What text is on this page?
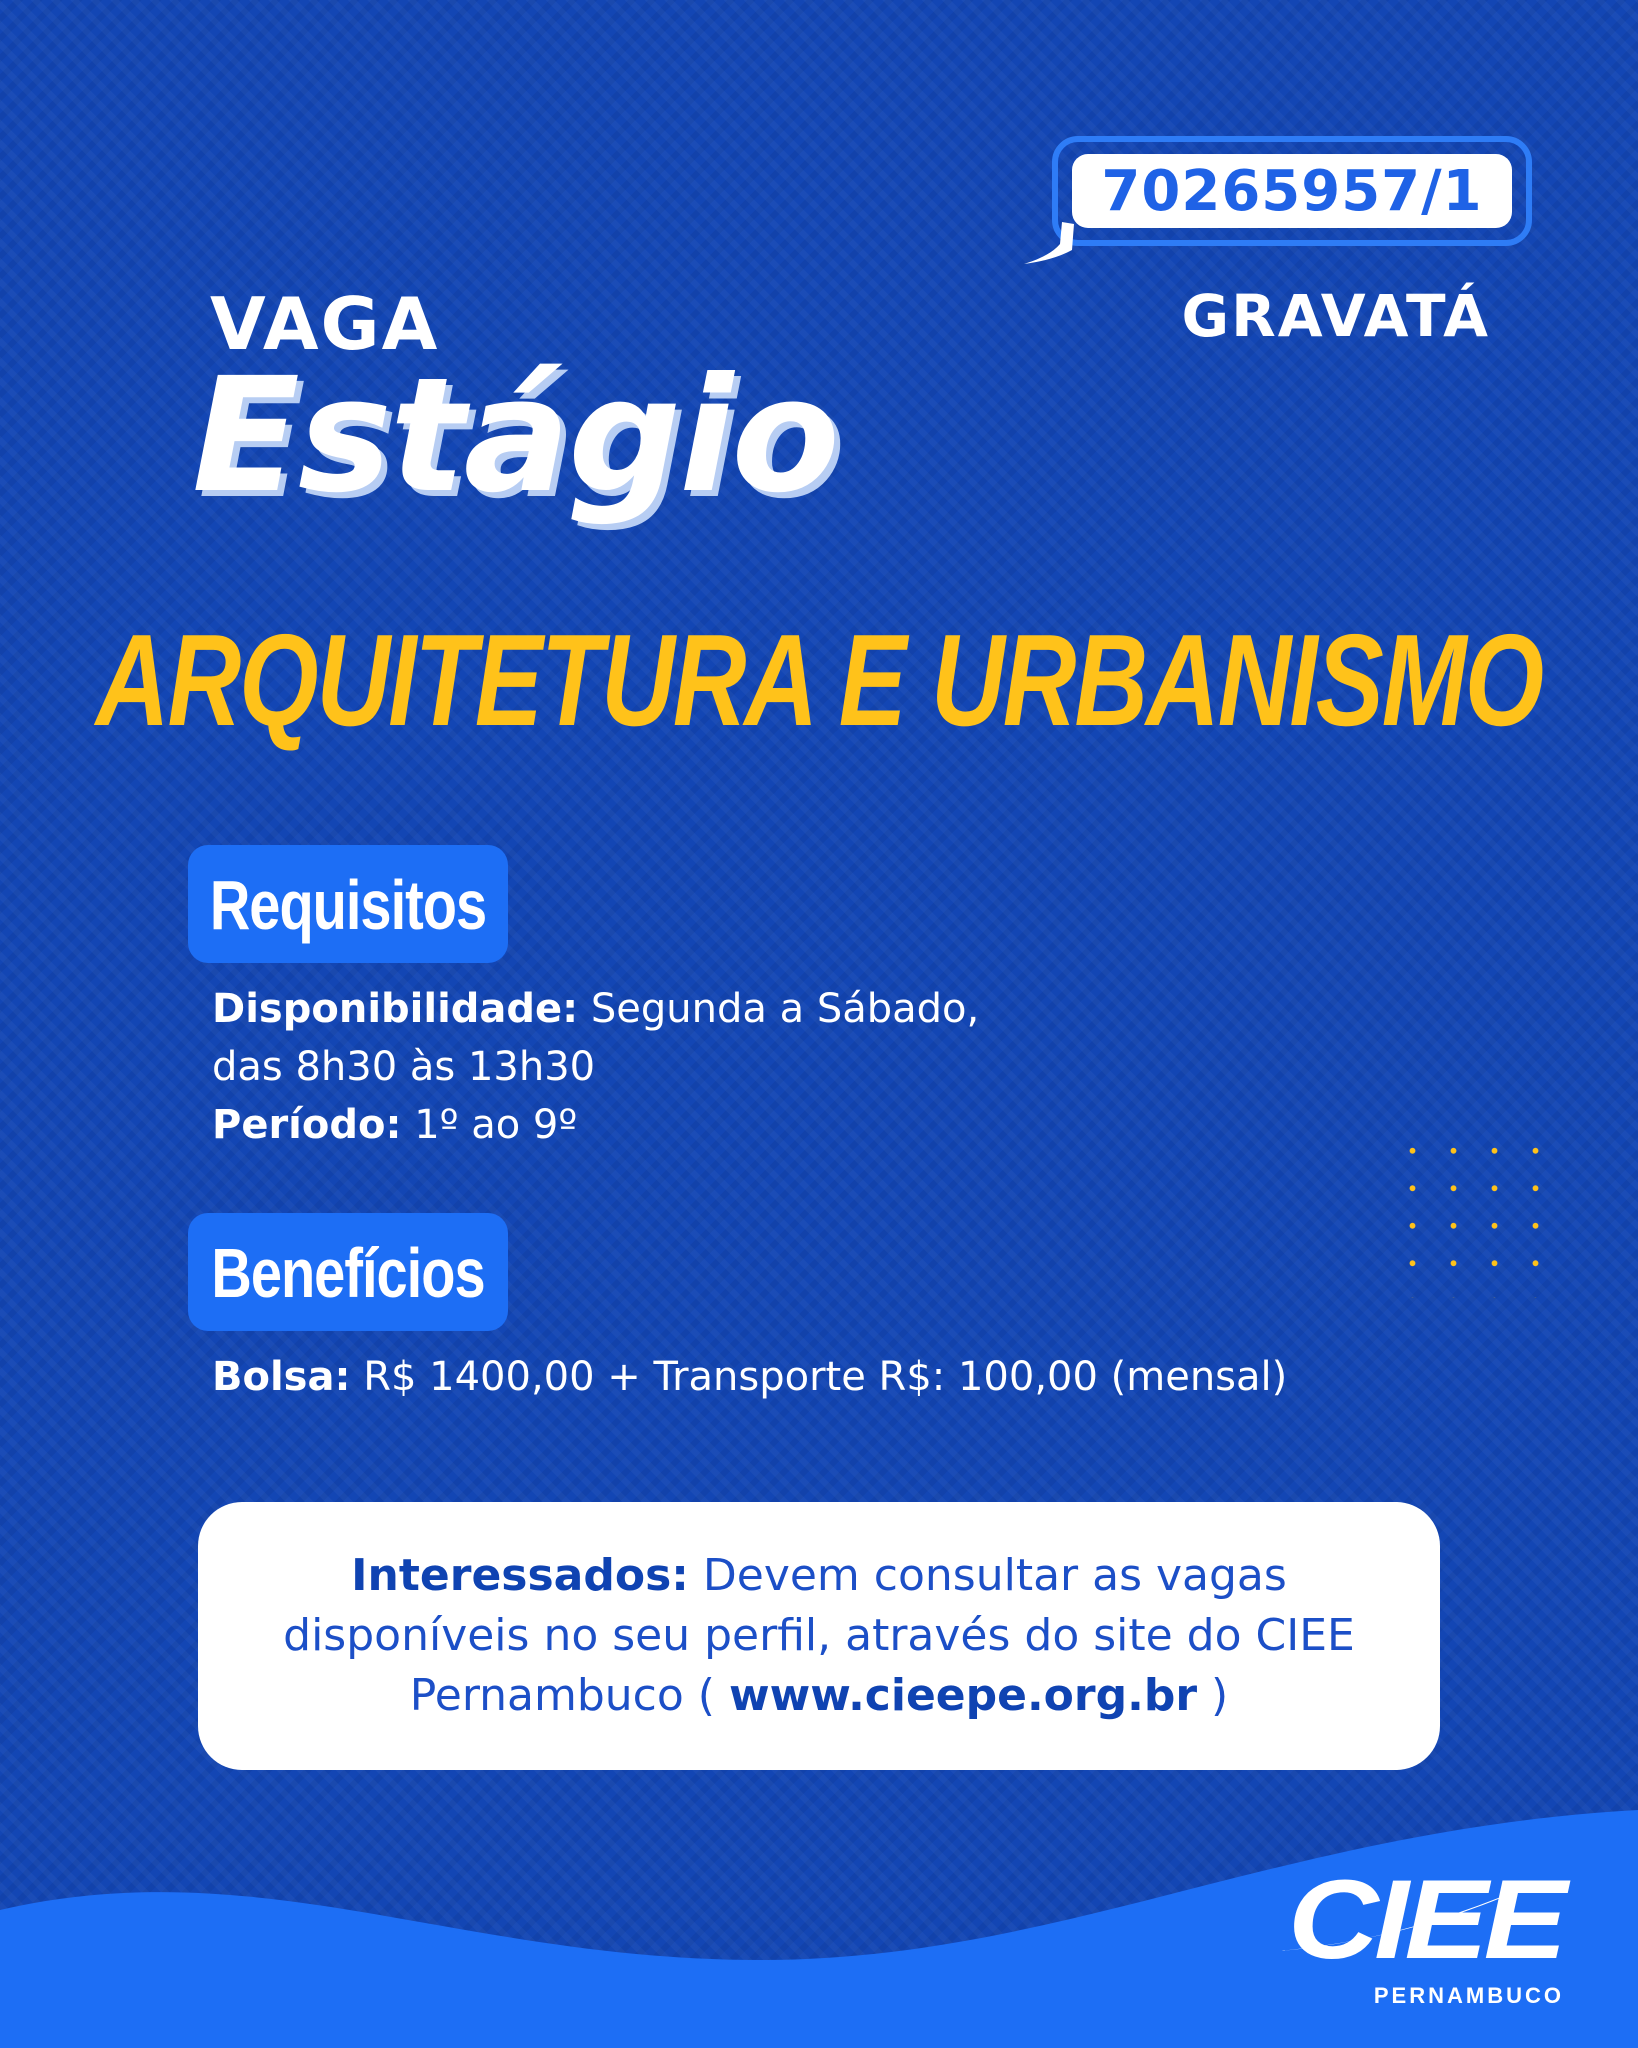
70265957/1
GRAVATÁ
VAGA
Estágio
ARQUITETURA E URBANISMO
Requisitos
Disponibilidade: Segunda a Sábado,
das 8h30 às 13h30
Período: 1º ao 9º
Benefícios
Bolsa: R$ 1400,00 + Transporte R$: 100,00 (mensal)
Interessados: Devem consultar as vagas disponíveis no seu perfil, através do site do CIEE Pernambuco ( www.cieepe.org.br )
CIEE
PERNAMBUCO
